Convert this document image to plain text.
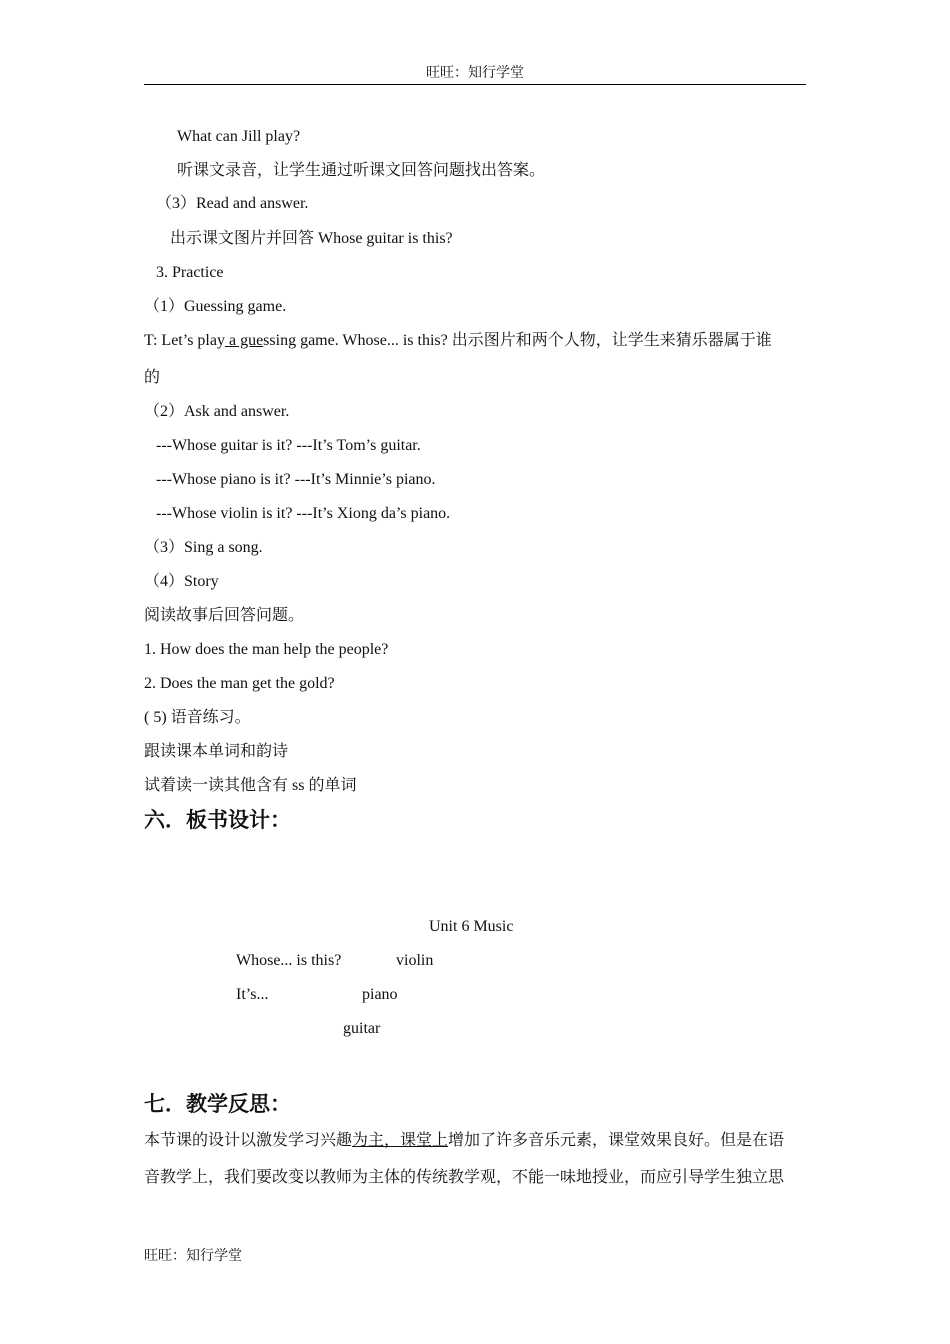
旺旺：知行学堂
What can Jill play?
听课文录音，让学生通过听课文回答问题找出答案。
（3）Read and answer.
出示课文图片并回答 Whose guitar is this?
3. Practice
（1）Guessing game.
T: Let’s play a guessing game. Whose... is this? 出示图片和两个人物，让学生来猜乐器属于谁
的
（2）Ask and answer.
---Whose guitar is it? ---It’s Tom’s guitar.
---Whose piano is it? ---It’s Minnie’s piano.
---Whose violin is it? ---It’s Xiong da’s piano.
（3）Sing a song.
（4）Story
阅读故事后回答问题。
1. How does the man help the people?
2. Does the man get the gold?
( 5) 语音练习。
跟读课本单词和韵诗
试着读一读其他含有 ss 的单词
六．板书设计：
Unit 6 Music
Whose... is this?	violin
It’s...	piano
guitar
七．教学反思：
本节课的设计以激发学习兴趣为主，课堂上增加了许多音乐元素，课堂效果良好。但是在语
音教学上，我们要改变以教师为主体的传统教学观，不能一味地授业，而应引导学生独立思
旺旺：知行学堂
